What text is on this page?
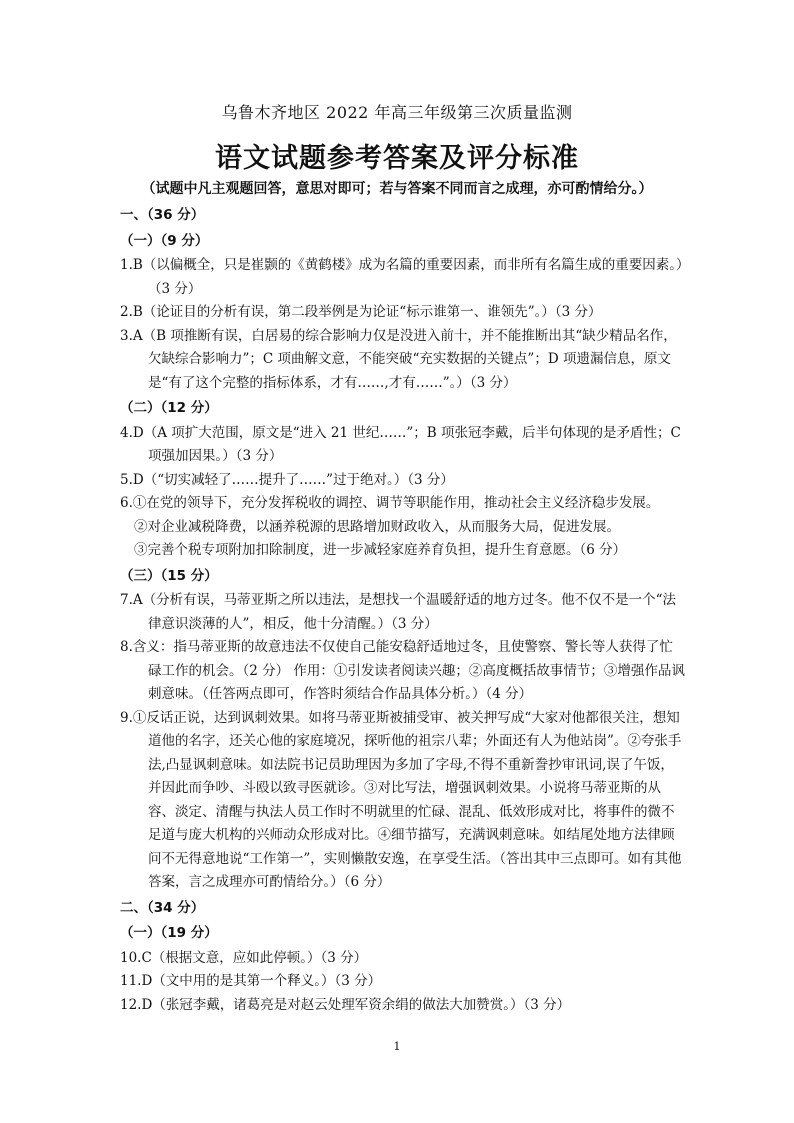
乌鲁木齐地区 2022 年高三年级第三次质量监测
语文试题参考答案及评分标准
（试题中凡主观题回答，意思对即可；若与答案不同而言之成理，亦可酌情给分。）

一、（36 分）

（一）（9 分）

1.B（以偏概全，只是崔颢的《黄鹤楼》成为名篇的重要因素，而非所有名篇生成的重要因素。）（3 分）

2.B（论证目的分析有误，第二段举例是为论证“标示谁第一、谁领先”。）（3 分）

3.A（B 项推断有误，白居易的综合影响力仅是没进入前十，并不能推断出其“缺少精品名作，欠缺综合影响力”；C 项曲解文意，不能突破“充实数据的关键点”；D 项遗漏信息，原文是“有了这个完整的指标体系，才有……,才有……”。）（3 分）

（二）（12 分）

4.D（A 项扩大范围，原文是“进入 21 世纪……”；B 项张冠李戴，后半句体现的是矛盾性；C 项强加因果。）（3 分）

5.D（“切实减轻了……提升了……”过于绝对。）（3 分）

6.①在党的领导下，充分发挥税收的调控、调节等职能作用，推动社会主义经济稳步发展。

②对企业减税降费，以涵养税源的思路增加财政收入，从而服务大局，促进发展。

③完善个税专项附加扣除制度，进一步减轻家庭养育负担，提升生育意愿。（6 分）

（三）（15 分）

7.A（分析有误，马蒂亚斯之所以违法，是想找一个温暖舒适的地方过冬。他不仅不是一个“法律意识淡薄的人”，相反，他十分清醒。）（3 分）

8.含义：指马蒂亚斯的故意违法不仅使自己能安稳舒适地过冬，且使警察、警长等人获得了忙碌工作的机会。（2 分） 作用：①引发读者阅读兴趣；②高度概括故事情节；③增强作品讽刺意味。（任答两点即可，作答时须结合作品具体分析。）（4 分）

9.①反话正说，达到讽刺效果。如将马蒂亚斯被捕受审、被关押写成“大家对他都很关注，想知道他的名字，还关心他的家庭境况，探听他的祖宗八辈；外面还有人为他站岗”。②夸张手法,凸显讽刺意味。如法院书记员助理因为多加了字母,不得不重新誊抄审讯词,误了午饭，并因此而争吵、斗殴以致寻医就诊。③对比写法，增强讽刺效果。小说将马蒂亚斯的从容、淡定、清醒与执法人员工作时不明就里的忙碌、混乱、低效形成对比，将事件的微不足道与庞大机构的兴师动众形成对比。④细节描写，充满讽刺意味。如结尾处地方法律顾问不无得意地说“工作第一”，实则懒散安逸，在享受生活。（答出其中三点即可。如有其他答案，言之成理亦可酌情给分。）（6 分）

二、（34 分）

（一）（19 分）

10.C（根据文意，应如此停顿。）（3 分）

11.D（文中用的是其第一个释义。）（3 分）

12.D（张冠李戴，诸葛亮是对赵云处理军资余绢的做法大加赞赏。）（3 分）

1
